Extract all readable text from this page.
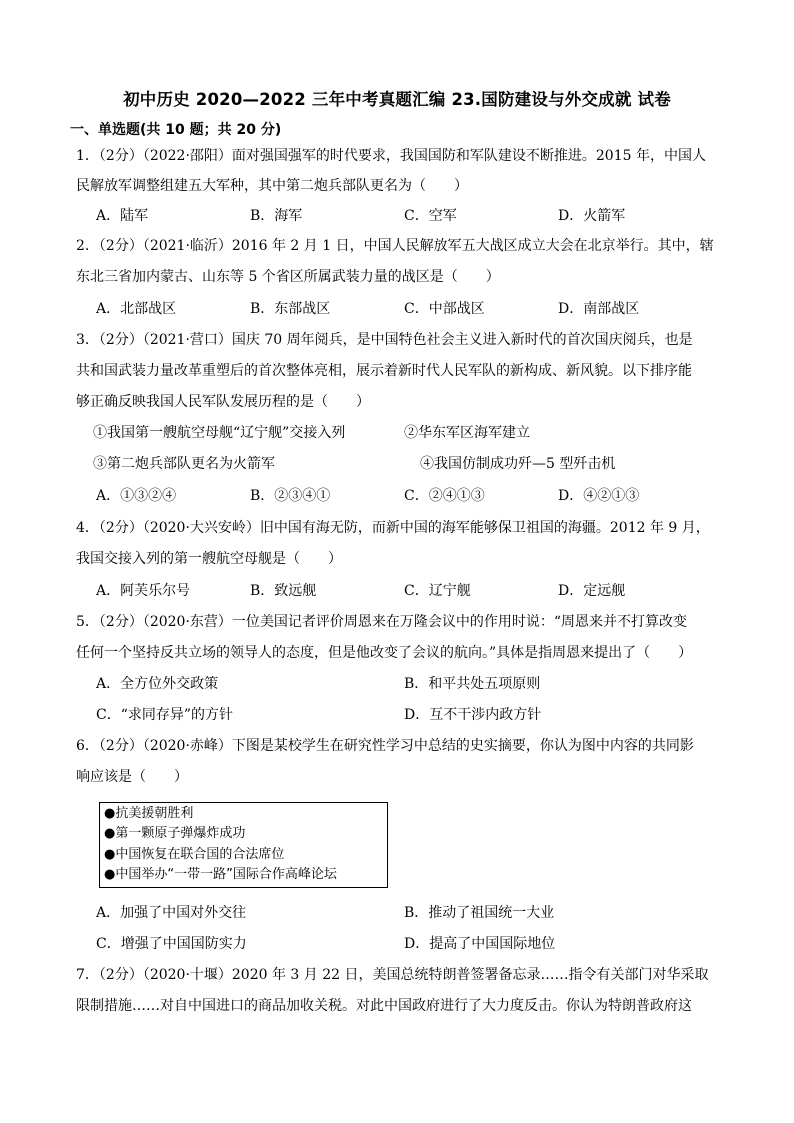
初中历史 2020—2022 三年中考真题汇编 23.国防建设与外交成就 试卷
一、单选题(共 10 题；共 20 分)
1．（2分）（2022·邵阳）面对强国强军的时代要求，我国国防和军队建设不断推进。2015 年，中国人
民解放军调整组建五大军种，其中第二炮兵部队更名为（　　）
A．陆军	B．海军	C．空军	D．火箭军
2．（2分）（2021·临沂）2016 年 2 月 1 日，中国人民解放军五大战区成立大会在北京举行。其中，辖
东北三省加内蒙古、山东等 5 个省区所属武装力量的战区是（　　）
A．北部战区	B．东部战区	C．中部战区	D．南部战区
3．（2分）（2021·营口）国庆 70 周年阅兵，是中国特色社会主义进入新时代的首次国庆阅兵，也是
共和国武装力量改革重塑后的首次整体亮相，展示着新时代人民军队的新构成、新风貌。以下排序能
够正确反映我国人民军队发展历程的是（　　）
①我国第一艘航空母舰“辽宁舰”交接入列	②华东军区海军建立
③第二炮兵部队更名为火箭军	④我国仿制成功歼—5 型歼击机
A．①③②④	B．②③④①	C．②④①③	D．④②①③
4．（2分）（2020·大兴安岭）旧中国有海无防，而新中国的海军能够保卫祖国的海疆。2012 年 9 月，
我国交接入列的第一艘航空母舰是（　　）
A．阿芙乐尔号	B．致远舰	C．辽宁舰	D．定远舰
5．（2分）（2020·东营）一位美国记者评价周恩来在万隆会议中的作用时说：“周恩来并不打算改变
任何一个坚持反共立场的领导人的态度，但是他改变了会议的航向。”具体是指周恩来提出了（　　）
A．全方位外交政策	B．和平共处五项原则
C．“求同存异”的方针	D．互不干涉内政方针
6．（2分）（2020·赤峰）下图是某校学生在研究性学习中总结的史实摘要，你认为图中内容的共同影
响应该是（　　）
●抗美援朝胜利
●第一颗原子弹爆炸成功
●中国恢复在联合国的合法席位
●中国举办“一带一路”国际合作高峰论坛
A．加强了中国对外交往	B．推动了祖国统一大业
C．增强了中国国防实力	D．提高了中国国际地位
7．（2分）（2020·十堰）2020 年 3 月 22 日，美国总统特朗普签署备忘录……指令有关部门对华采取
限制措施……对自中国进口的商品加收关税。对此中国政府进行了大力度反击。你认为特朗普政府这
